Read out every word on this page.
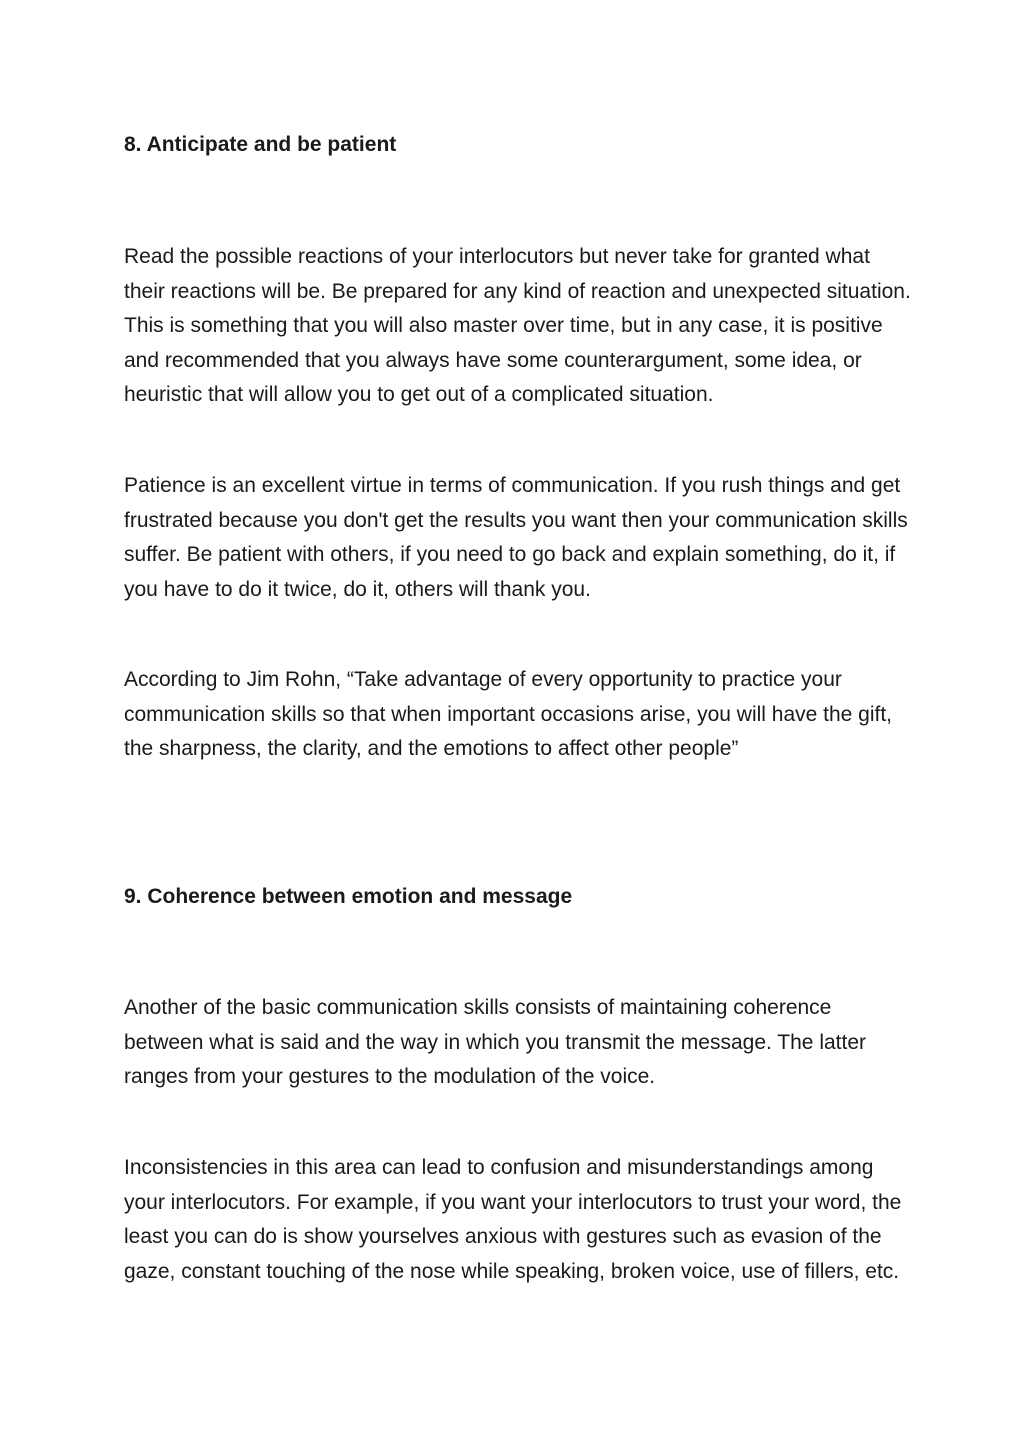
8. Anticipate and be patient

Read the possible reactions of your interlocutors but never take for granted what their reactions will be. Be prepared for any kind of reaction and unexpected situation. This is something that you will also master over time, but in any case, it is positive and recommended that you always have some counterargument, some idea, or heuristic that will allow you to get out of a complicated situation.

Patience is an excellent virtue in terms of communication. If you rush things and get frustrated because you don't get the results you want then your communication skills suffer. Be patient with others, if you need to go back and explain something, do it, if you have to do it twice, do it, others will thank you.

According to Jim Rohn, “Take advantage of every opportunity to practice your communication skills so that when important occasions arise, you will have the gift, the sharpness, the clarity, and the emotions to affect other people”

9. Coherence between emotion and message

Another of the basic communication skills consists of maintaining coherence between what is said and the way in which you transmit the message. The latter ranges from your gestures to the modulation of the voice.

Inconsistencies in this area can lead to confusion and misunderstandings among your interlocutors. For example, if you want your interlocutors to trust your word, the least you can do is show yourselves anxious with gestures such as evasion of the gaze, constant touching of the nose while speaking, broken voice, use of fillers, etc.
